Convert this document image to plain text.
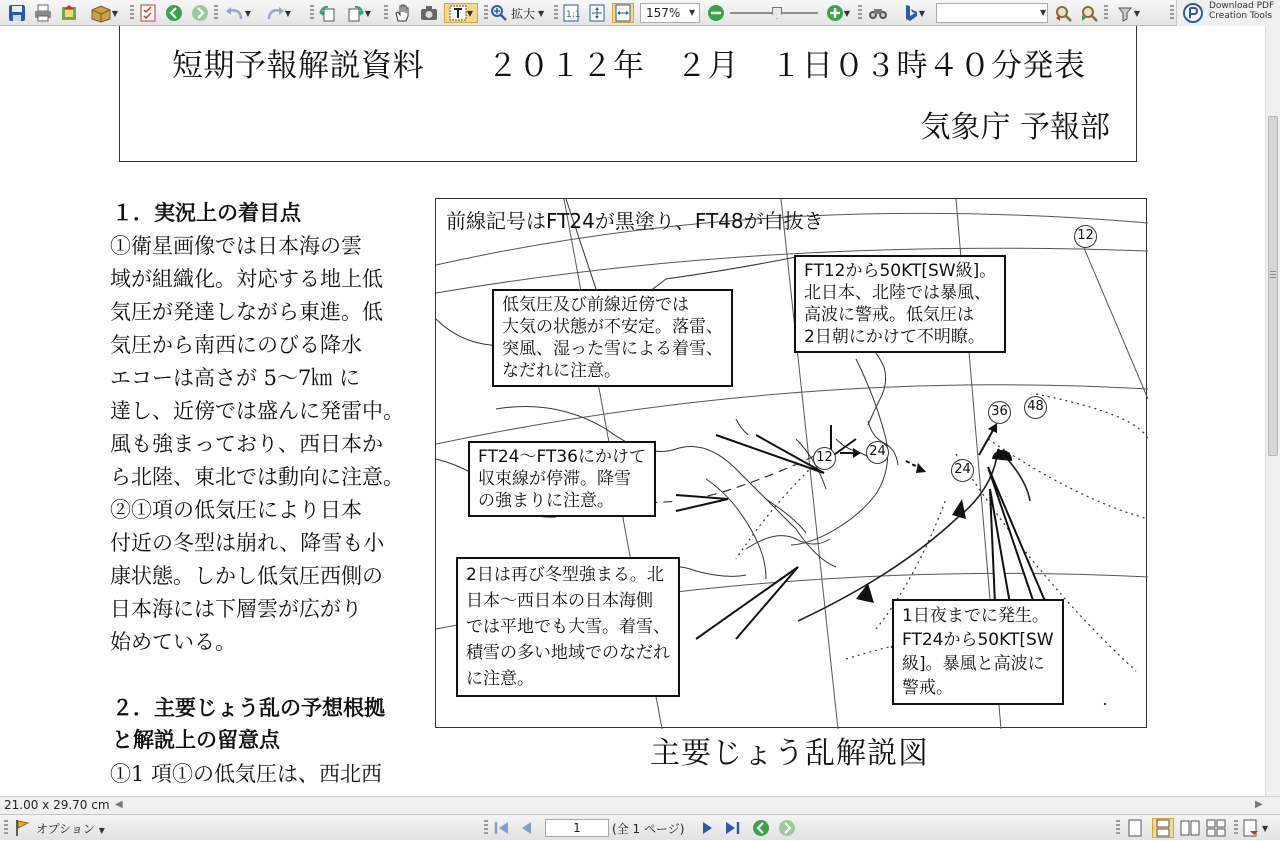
▼	▼	▼	▼	▼	拡大 ▼ 1:1	157% ▼	▼	▼	▼	▼
Download PDF
Creation Tools
短期予報解説資料　　２０１２年　２月　１日０３時４０分発表
気象庁 予報部
１．実況上の着目点
①衛星画像では日本海の雲
域が組織化。対応する地上低
気圧が発達しながら東進。低
気圧から南西にのびる降水
エコーは高さが 5～7㎞ に
達し、近傍では盛んに発雷中。
風も強まっており、西日本か
ら北陸、東北では動向に注意。
②①項の低気圧により日本
付近の冬型は崩れ、降雪も小
康状態。しかし低気圧西側の
日本海には下層雲が広がり
始めている。
２．主要じょう乱の予想根拠
と解説上の留意点
①1 項①の低気圧は、西北西
前線記号はFT24が黒塗り、FT48が白抜き
12
12	24
24
36 48
FT12から50KT[SW級]。
北日本、北陸では暴風、
高波に警戒。低気圧は
2日朝にかけて不明瞭。
低気圧及び前線近傍では
大気の状態が不安定。落雷、
突風、湿った雪による着雪、
なだれに注意。
FT24～FT36にかけて
収束線が停滞。降雪
の強まりに注意。
2日は再び冬型強まる。北
日本～西日本の日本海側
では平地でも大雪。着雪、
積雪の多い地域でのなだれ
に注意。
1日夜までに発生。
FT24から50KT[SW
級]。暴風と高波に
警戒。
主要じょう乱解説図
21.00 x 29.70 cm ◀	▶
オプション ▼	1	(全 1 ページ)	▼
